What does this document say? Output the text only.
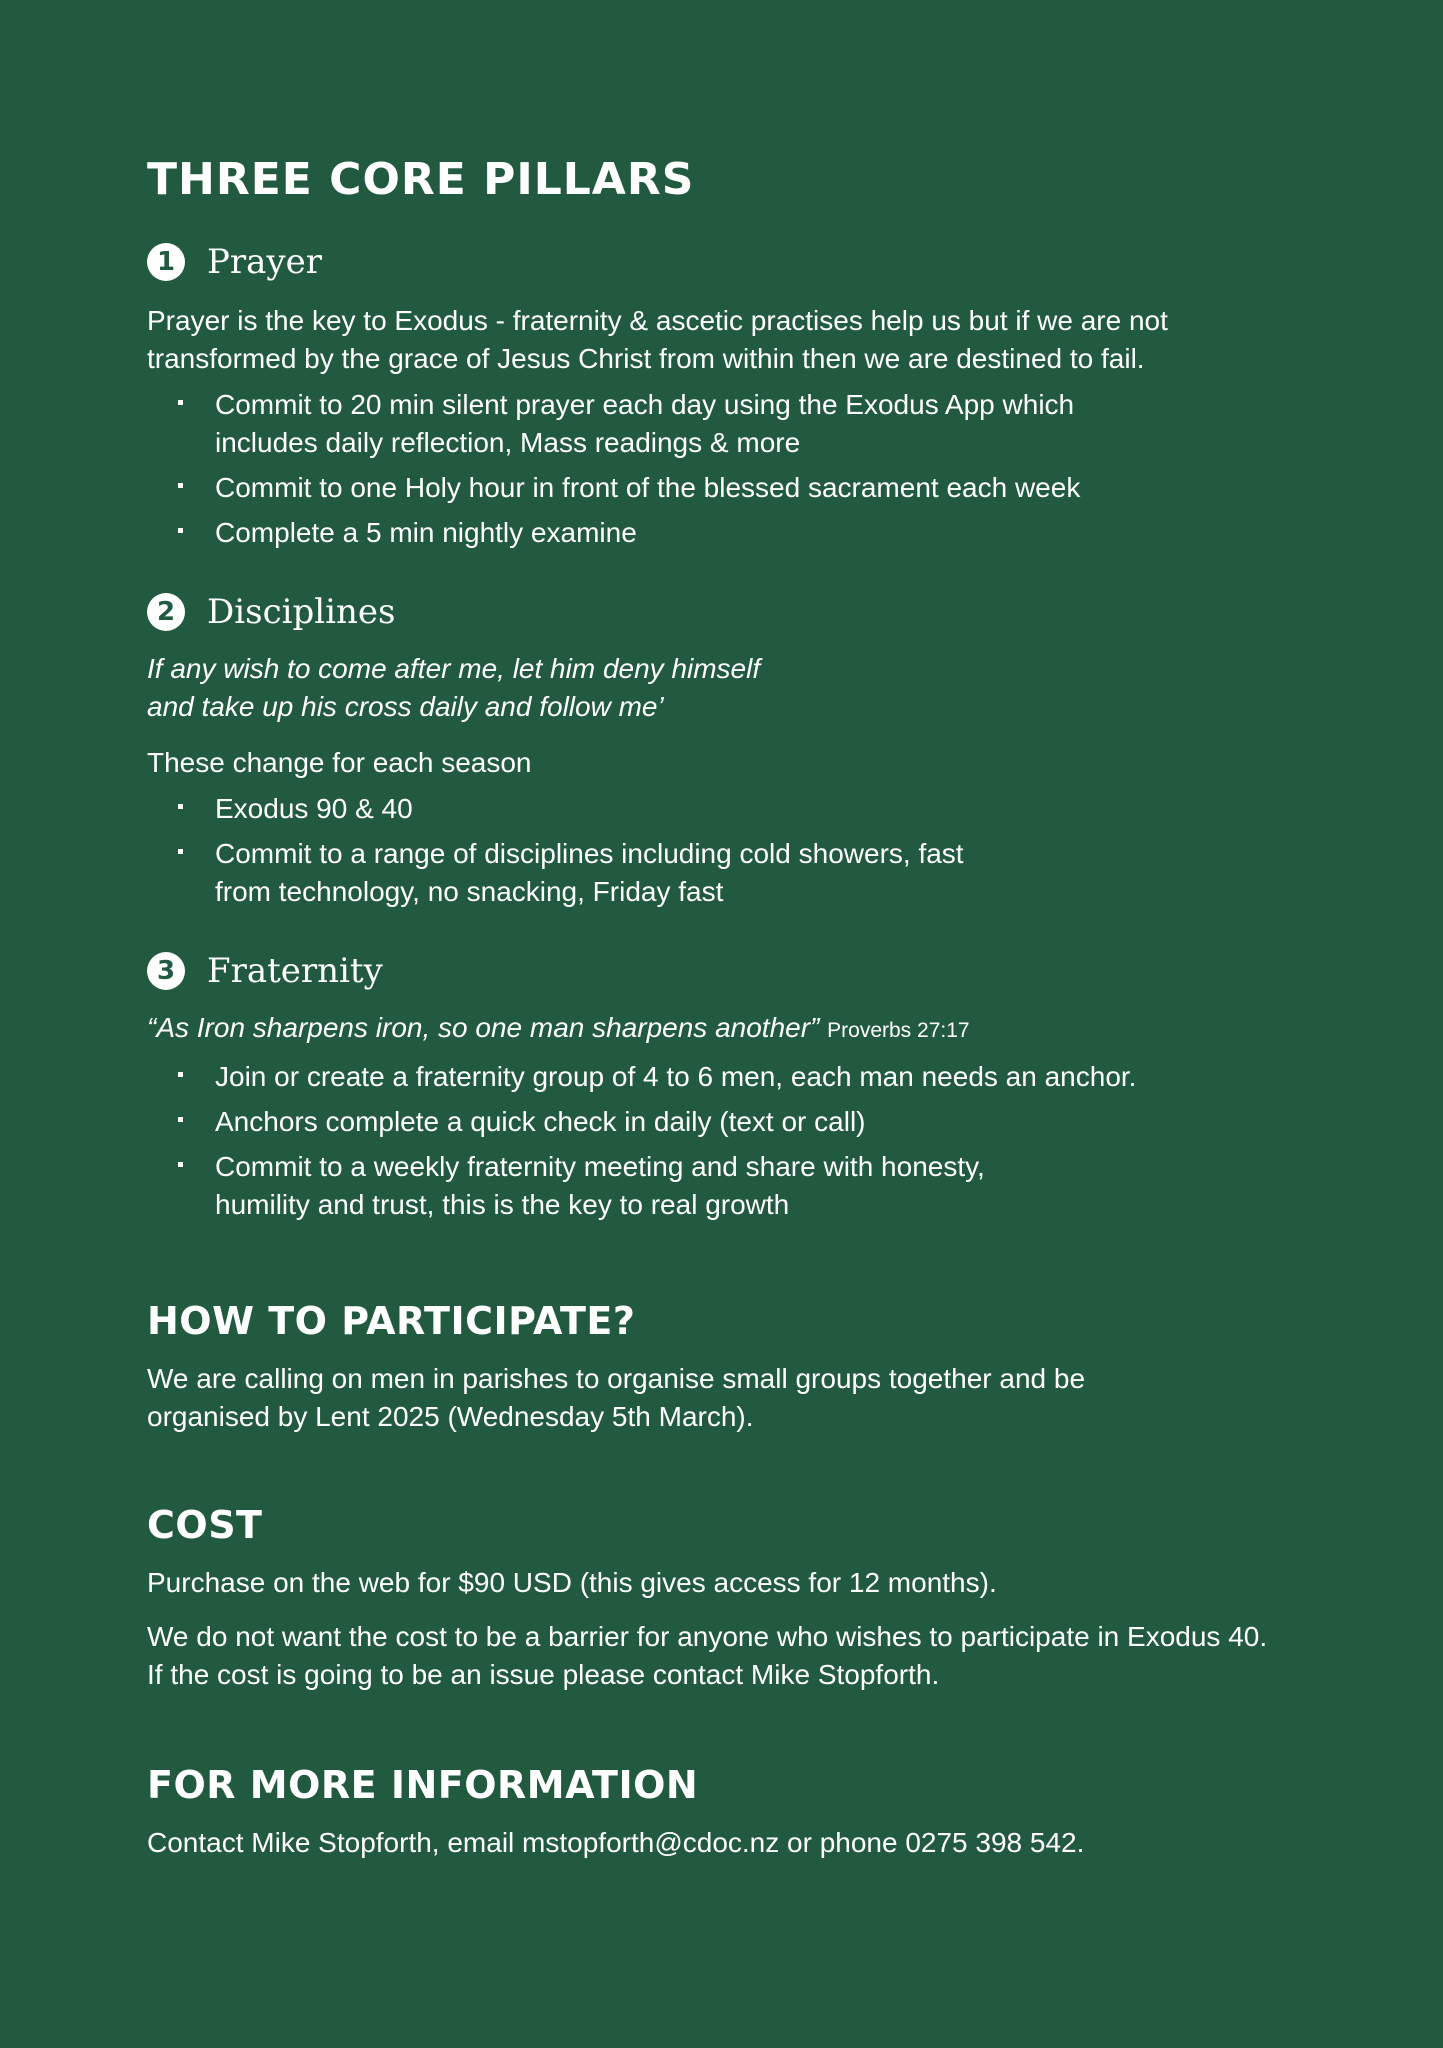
THREE CORE PILLARS
1 Prayer

Prayer is the key to Exodus - fraternity & ascetic practises help us but if we are not transformed by the grace of Jesus Christ from within then we are destined to fail.

Commit to 20 min silent prayer each day using the Exodus App which includes daily reflection, Mass readings & more
Commit to one Holy hour in front of the blessed sacrament each week
Complete a 5 min nightly examine
2 Disciplines

If any wish to come after me, let him deny himself
and take up his cross daily and follow me’

These change for each season

Exodus 90 & 40
Commit to a range of disciplines including cold showers, fast from technology, no snacking, Friday fast
3 Fraternity

“As Iron sharpens iron, so one man sharpens another” Proverbs 27:17

Join or create a fraternity group of 4 to 6 men, each man needs an anchor.
Anchors complete a quick check in daily (text or call)
Commit to a weekly fraternity meeting and share with honesty, humility and trust, this is the key to real growth
HOW TO PARTICIPATE?

We are calling on men in parishes to organise small groups together and be organised by Lent 2025 (Wednesday 5th March).

COST

Purchase on the web for $90 USD (this gives access for 12 months).

We do not want the cost to be a barrier for anyone who wishes to participate in Exodus 40. If the cost is going to be an issue please contact Mike Stopforth.

FOR MORE INFORMATION

Contact Mike Stopforth, email mstopforth@cdoc.nz or phone 0275 398 542.
